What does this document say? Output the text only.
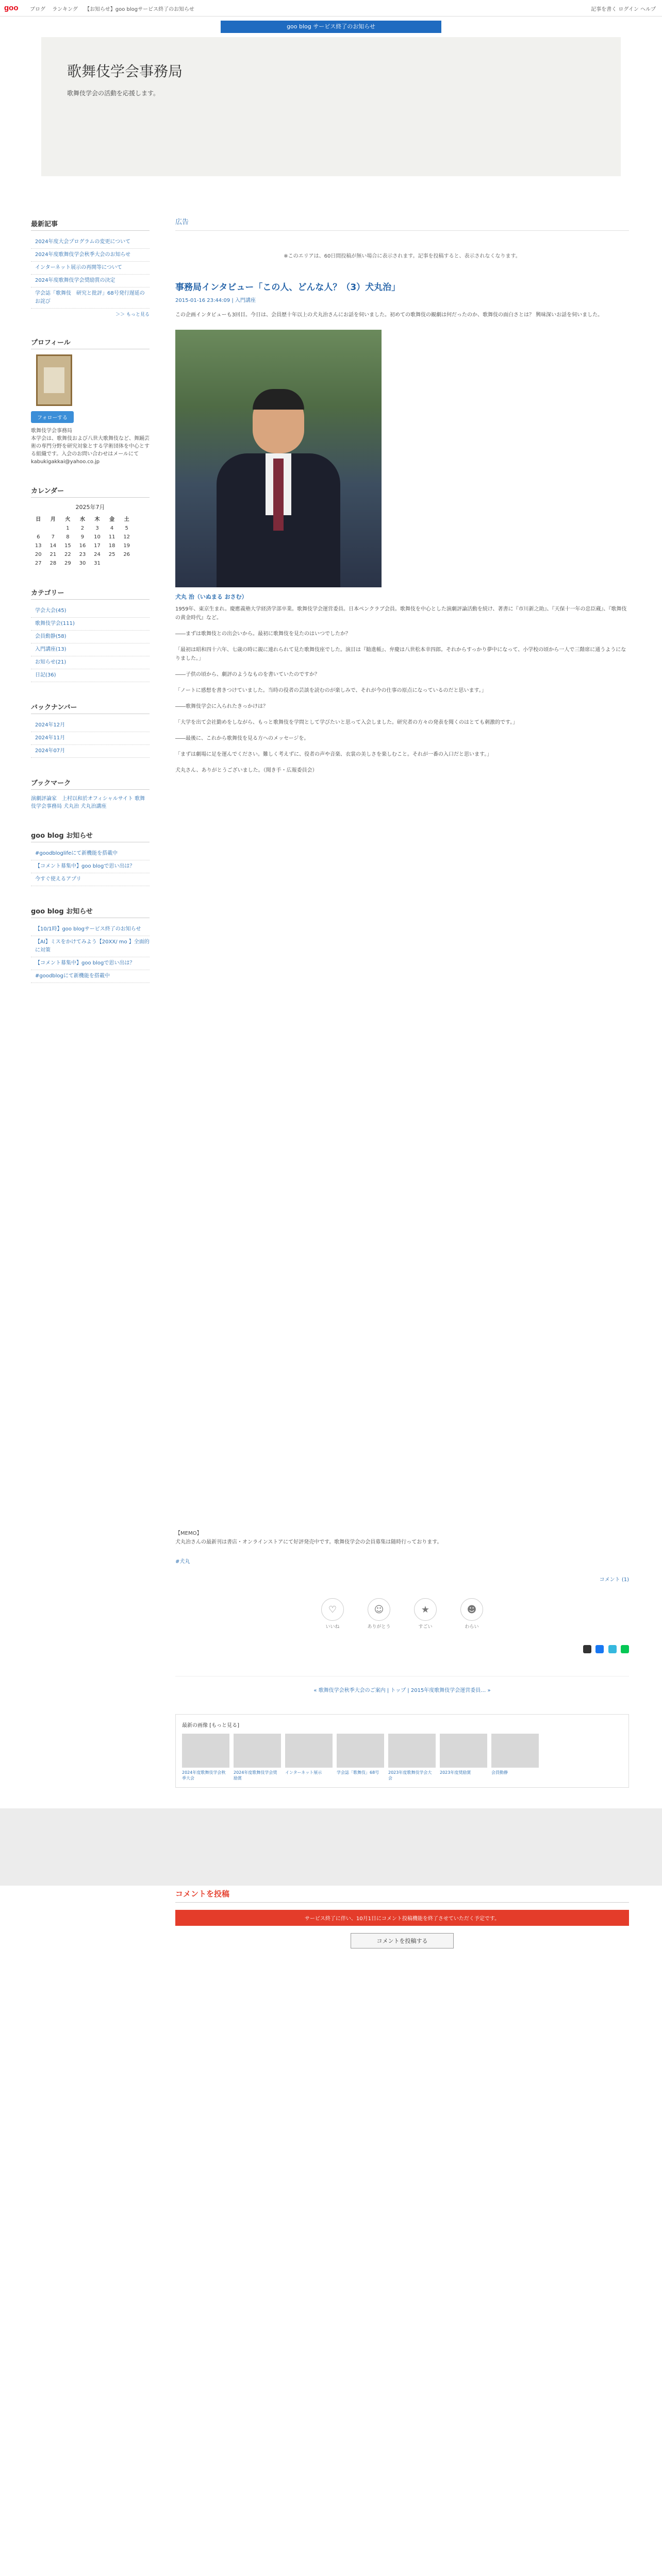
goo ブログ ランキング 【お知らせ】goo blogサービス終了のお知らせ	記事を書く ログイン ヘルプ
goo blog サービス終了のお知らせ
歌舞伎学会事務局
歌舞伎学会の活動を応援します。
最新記事
2024年度大会プログラムの変更について
2024年度歌舞伎学会秋季大会のお知らせ
インターネット展示の再開等について
2024年度歌舞伎学会奨励賞の決定
学会誌「歌舞伎　研究と批評」68号発行遅延のお詫び
＞＞ もっと見る
プロフィール
フォローする
歌舞伎学会事務局
本学会は、歌舞伎および八世大歌舞伎など、舞踊芸術の専門分野を研究対象とする学術団体を中心とする組織です。入会のお問い合わせはメールにてkabukigakkai@yahoo.co.jp
カレンダー
2025年7月
日	月	火	水	木	金	土
		1	2	3	4	5
6	7	8	9	10	11	12
13	14	15	16	17	18	19
20	21	22	23	24	25	26
27	28	29	30	31		
カテゴリー
学会大会(45)
歌舞伎学会(111)
会員動静(58)
入門講座(13)
お知らせ(21)
日記(36)
バックナンバー
2024年12月
2024年11月
2024年07月
ブックマーク
演劇評論家　上村以和於オフィシャルサイト 歌舞伎学会事務局 犬丸治 犬丸治講座
goo blog お知らせ
#goodbloglifeにて新機能を搭載中
【コメント募集中】goo blogで思い出は？
今すぐ使えるアプリ
goo blog お知らせ
【10/1時】goo blogサービス終了のお知らせ
【AI】ミスをかけてみよう【20XX/ mo 】全面的に対策
【コメント募集中】goo blogで思い出は？
#goodblogにて新機能を搭載中
広告
※このエリアは、60日間投稿が無い場合に表示されます。記事を投稿すると、表示されなくなります。
事務局インタビュー「この人、どんな人？（3）犬丸治」
2015-01-16 23:44:09 | 入門講座

この企画インタビューも3回目。今日は、会員歴十年以上の犬丸治さんにお話を伺いました。初めての歌舞伎の観劇は何だったのか、歌舞伎の面白さとは？ 興味深いお話を伺いました。

犬丸 治（いぬまる おさむ）

1959年、東京生まれ。慶應義塾大学経済学部卒業。歌舞伎学会運営委員。日本ペンクラブ会員。歌舞伎を中心とした演劇評論活動を続け、著書に『市川新之助』、『天保十一年の忠臣蔵』、『歌舞伎の黄金時代』など。

――まずは歌舞伎との出会いから。最初に歌舞伎を見たのはいつでしたか？

「最初は昭和四十六年、七歳の時に親に連れられて見た歌舞伎座でした。演目は『勧進帳』、弁慶は八世松本幸四郎。それからすっかり夢中になって、小学校の頃から一人で三階席に通うようになりました。」

――子供の頃から、劇評のようなものを書いていたのですか？

「ノートに感想を書きつけていました。当時の役者の芸談を読むのが楽しみで、それが今の仕事の原点になっているのだと思います。」

――歌舞伎学会に入られたきっかけは？

「大学を出て会社勤めをしながら、もっと歌舞伎を学問として学びたいと思って入会しました。研究者の方々の発表を聞くのはとても刺激的です。」

――最後に、これから歌舞伎を見る方へのメッセージを。

「まずは劇場に足を運んでください。難しく考えずに、役者の声や音楽、衣裳の美しさを楽しむこと。それが一番の入口だと思います。」

犬丸さん、ありがとうございました。（聞き手・広報委員会）

【MEMO】
犬丸治さんの最新刊は書店・オンラインストアにて好評発売中です。歌舞伎学会の会員募集は随時行っております。
#犬丸
コメント (1)
♡
いいね
☺
ありがとう
★
すごい
☻
わらい

« 歌舞伎学会秋季大会のご案内 | トップ | 2015年度歌舞伎学会運営委員… »
最新の画像 [もっと見る]
2024年度歌舞伎学会秋季大会
2024年度歌舞伎学会奨励賞
インターネット展示	学会誌「歌舞伎」68号	2023年度歌舞伎学会大会
2023年度奨励賞	会員動静
コメントを投稿
サービス終了に伴い、10月1日にコメント投稿機能を終了させていただく予定です。
コメントを投稿する
